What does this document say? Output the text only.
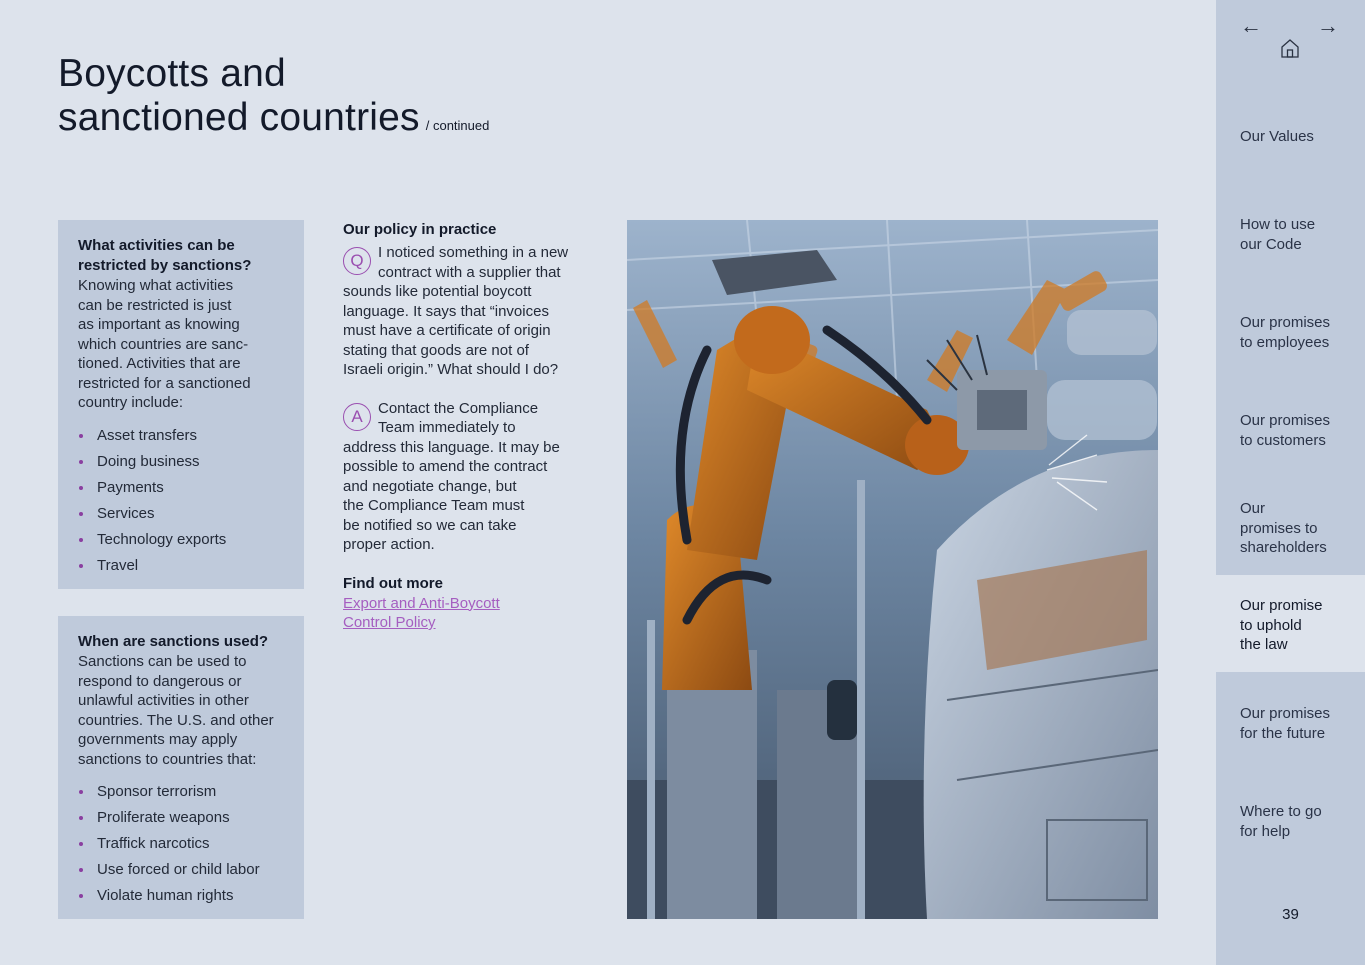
Boycotts and
sanctioned countries / continued
What activities can be restricted by sanctions?

Knowing what activities
can be restricted is just
as important as knowing
which countries are sanc-
tioned. Activities that are
restricted for a sanctioned
country include:

Asset transfers
Doing business
Payments
Services
Technology exports
Travel
When are sanctions used?

Sanctions can be used to
respond to dangerous or
unlawful activities in other
countries. The U.S. and other
governments may apply
sanctions to countries that:

Sponsor terrorism
Proliferate weapons
Traffick narcotics
Use forced or child labor
Violate human rights
Our policy in practice
Q I noticed something in a new
contract with a supplier that
sounds like potential boycott
language. It says that “invoices
must have a certificate of origin
stating that goods are not of
Israeli origin.” What should I do?
A	Contact the Compliance
Team immediately to
address this language. It may be
possible to amend the contract
and negotiate change, but
the Compliance Team must
be notified so we can take
proper action.
Find out more
Export and Anti-Boycott
Control Policy
←	→
Our Values
How to use
our Code
Our promises
to employees
Our promises
to customers
Our
promises to
shareholders
Our promise
to uphold
the law
Our promises
for the future
Where to go
for help
39
